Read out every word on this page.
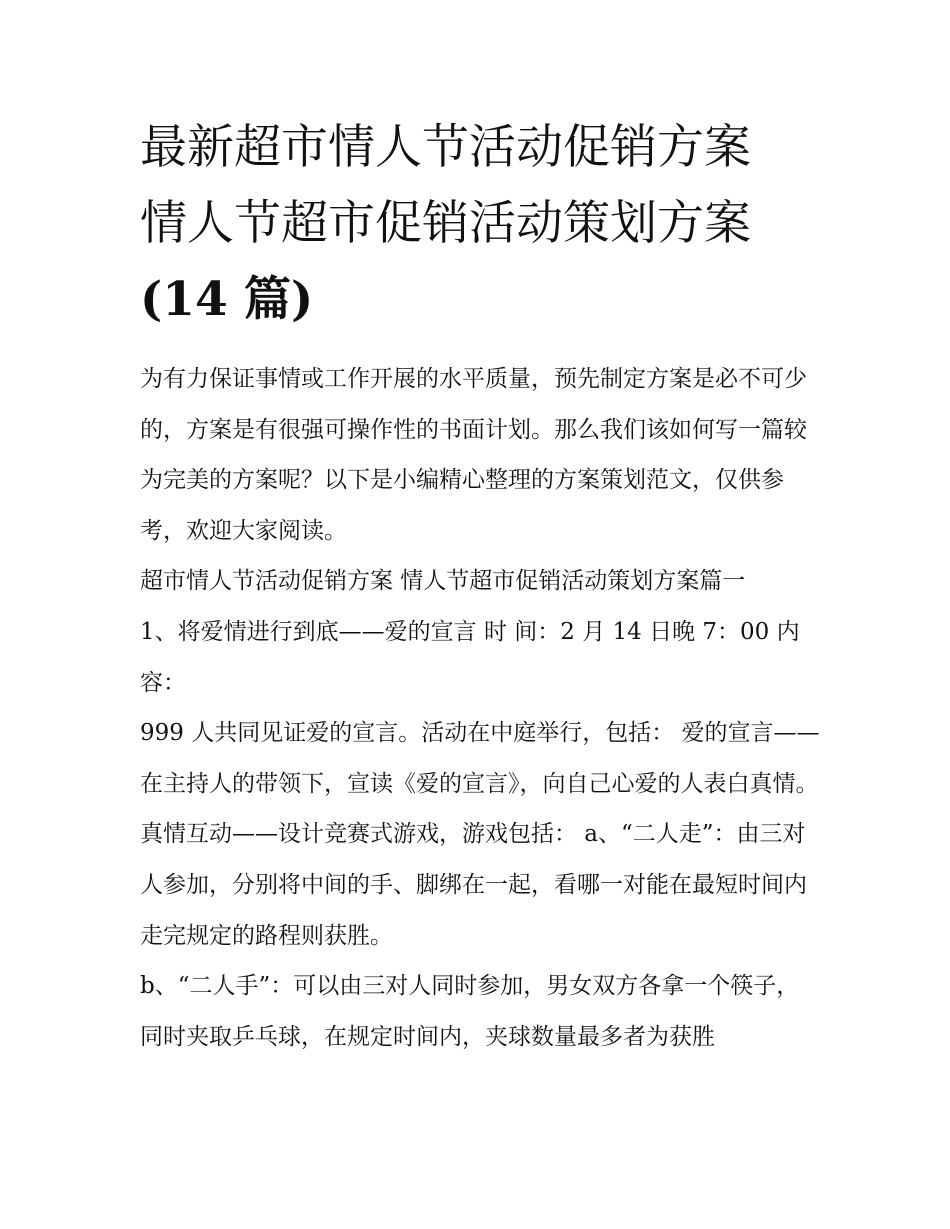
最新超市情人节活动促销方案
情人节超市促销活动策划方案
(14 篇)

为有力保证事情或工作开展的水平质量，预先制定方案是必不可少的，方案是有很强可操作性的书面计划。那么我们该如何写一篇较为完美的方案呢？以下是小编精心整理的方案策划范文，仅供参考，欢迎大家阅读。

超市情人节活动促销方案 情人节超市促销活动策划方案篇一

1、将爱情进行到底——爱的宣言 时 间：2 月 14 日晚 7：00 内容：

999 人共同见证爱的宣言。活动在中庭举行，包括： 爱的宣言——在主持人的带领下，宣读《爱的宣言》，向自己心爱的人表白真情。

真情互动——设计竞赛式游戏，游戏包括： a、“二人走”：由三对人参加，分别将中间的手、脚绑在一起，看哪一对能在最短时间内走完规定的路程则获胜。

b、“二人手”：可以由三对人同时参加，男女双方各拿一个筷子，同时夹取乒乓球，在规定时间内，夹球数量最多者为获胜
